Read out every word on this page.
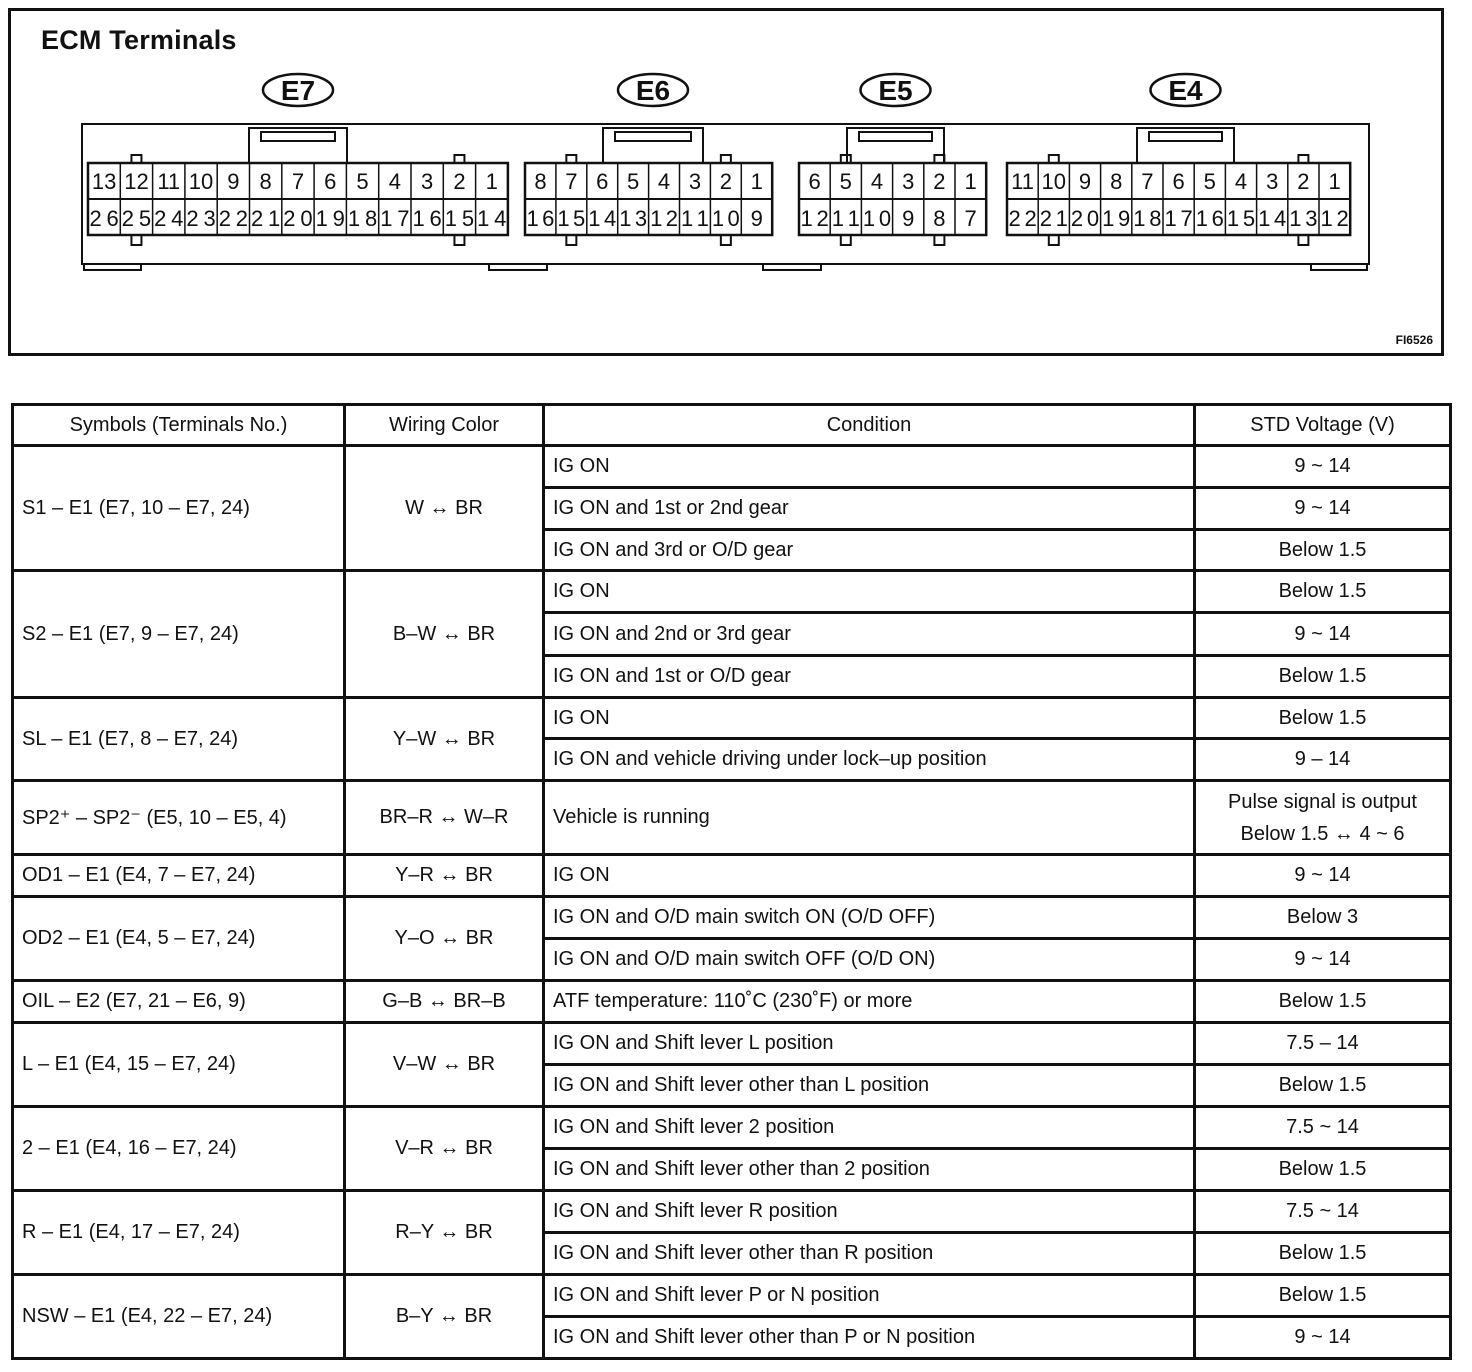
ECM Terminals
E7
13 12 11 10 9 8 7 6 5 4 3 2 1
26 25 24 23 22 21 20 19 18 17 16 15 14
E6
8 7 6 5 4 3 2 1
16 15 14 13 12 11 10 9
E5
6 5 4 3 2 1
12 11 10 9 8 7
E4
11 10 9 8 7 6 5 4 3 2 1
22 21 20 19 18 17 16 15 14 13 12
FI6526
Symbols (Terminals No.)	Wiring Color	Condition	STD Voltage (V)
S1 – E1 (E7, 10 – E7, 24)	W ↔ BR	IG ON	9 ~ 14
		IG ON and 1st or 2nd gear	9 ~ 14
		IG ON and 3rd or O/D gear	Below 1.5
S2 – E1 (E7, 9 – E7, 24)	B–W ↔ BR	IG ON	Below 1.5
		IG ON and 2nd or 3rd gear	9 ~ 14
		IG ON and 1st or O/D gear	Below 1.5
SL – E1 (E7, 8 – E7, 24)	Y–W ↔ BR	IG ON	Below 1.5
		IG ON and vehicle driving under lock–up position	9 – 14
SP2⁺ – SP2⁻ (E5, 10 – E5, 4)	BR–R ↔ W–R	Vehicle is running	Pulse signal is output
Below 1.5 ↔ 4 ~ 6

OD1 – E1 (E4, 7 – E7, 24)	Y–R ↔ BR	IG ON	9 ~ 14
OD2 – E1 (E4, 5 – E7, 24)	Y–O ↔ BR	IG ON and O/D main switch ON (O/D OFF)	Below 3
		IG ON and O/D main switch OFF (O/D ON)	9 ~ 14
OIL – E2 (E7, 21 – E6, 9)	G–B ↔ BR–B	ATF temperature: 110˚C (230˚F) or more	Below 1.5
L – E1 (E4, 15 – E7, 24)	V–W ↔ BR	IG ON and Shift lever L position	7.5 – 14
		IG ON and Shift lever other than L position	Below 1.5
2 – E1 (E4, 16 – E7, 24)	V–R ↔ BR	IG ON and Shift lever 2 position	7.5 ~ 14
		IG ON and Shift lever other than 2 position	Below 1.5
R – E1 (E4, 17 – E7, 24)	R–Y ↔ BR	IG ON and Shift lever R position	7.5 ~ 14
		IG ON and Shift lever other than R position	Below 1.5
NSW – E1 (E4, 22 – E7, 24)	B–Y ↔ BR	IG ON and Shift lever P or N position	Below 1.5
		IG ON and Shift lever other than P or N position	9 ~ 14
